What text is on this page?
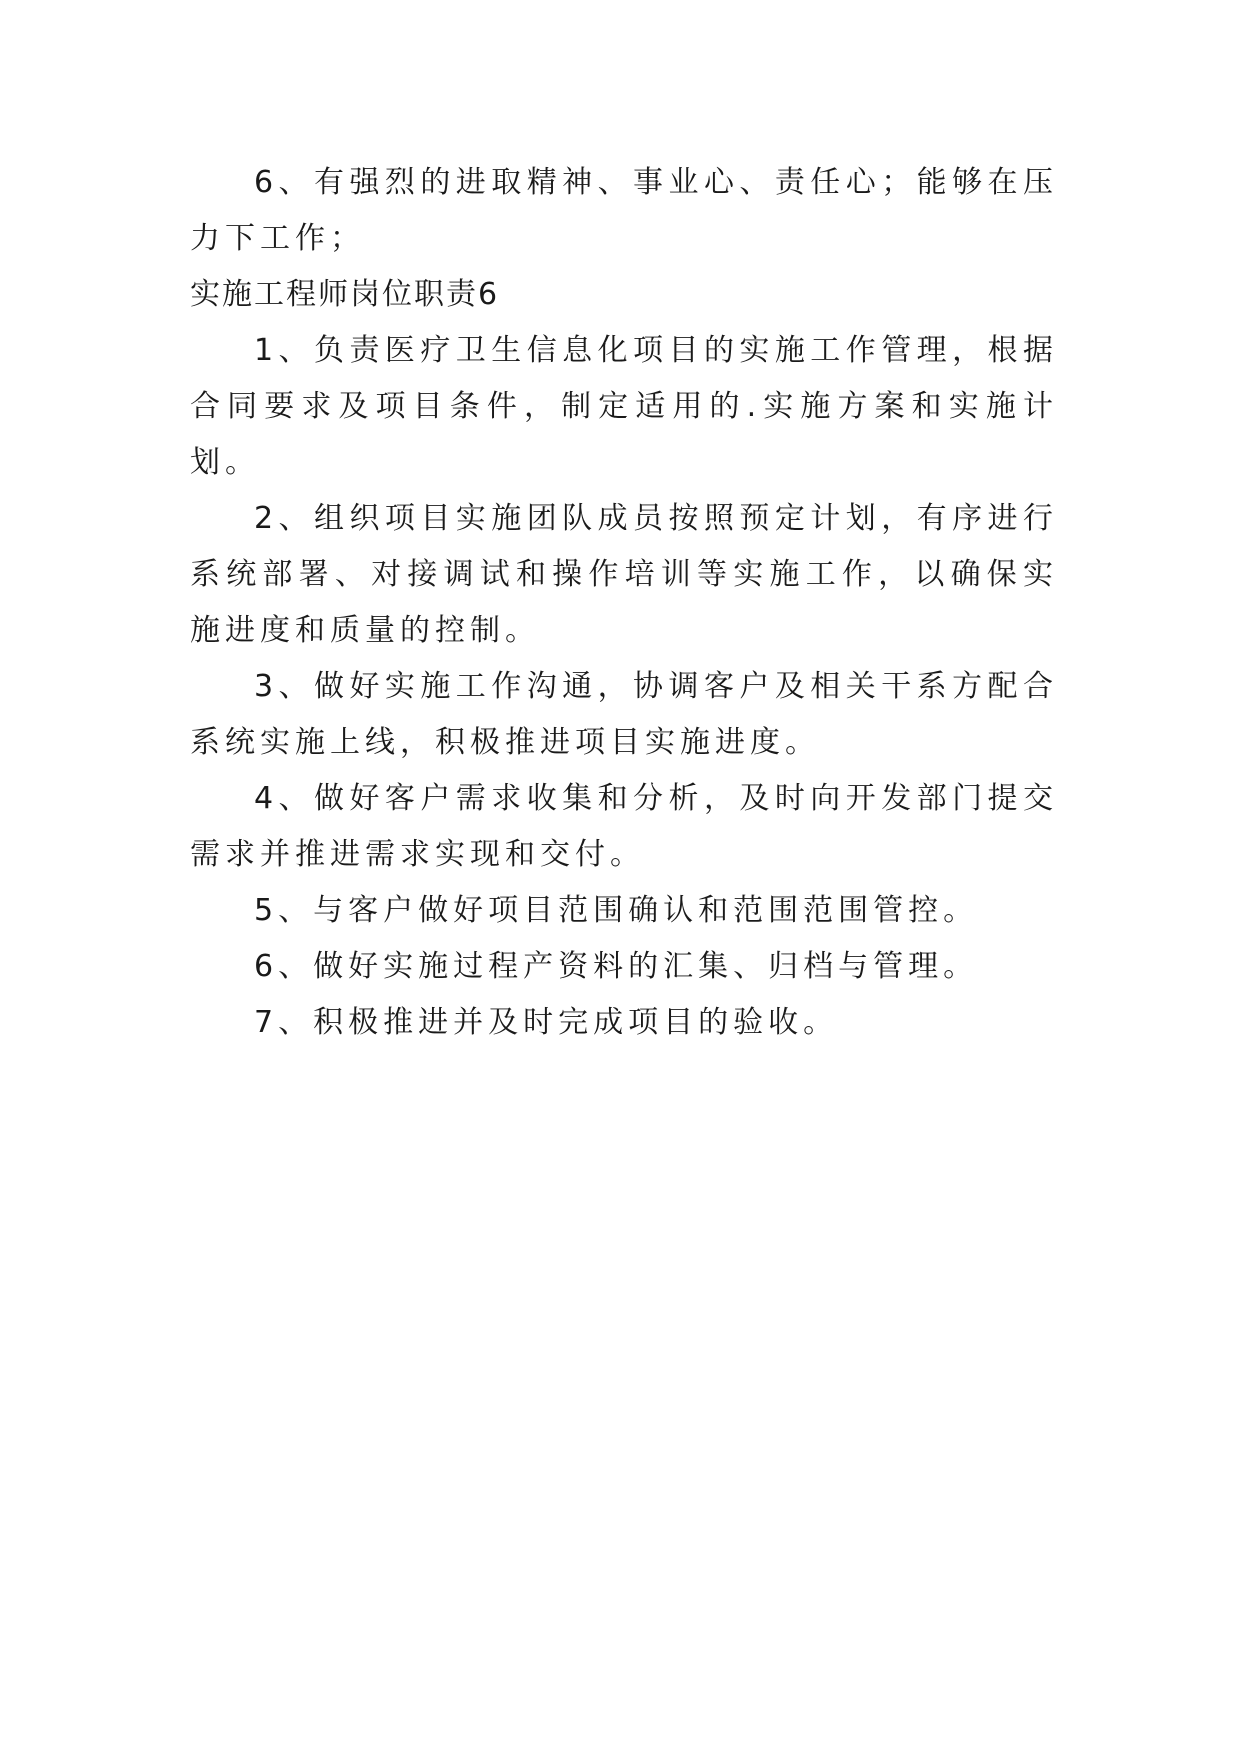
6、有强烈的进取精神、事业心、责任心；能够在压力下工作；

实施工程师岗位职责6

1、负责医疗卫生信息化项目的实施工作管理，根据合同要求及项目条件，制定适用的.实施方案和实施计划。

2、组织项目实施团队成员按照预定计划，有序进行系统部署、对接调试和操作培训等实施工作，以确保实施进度和质量的控制。

3、做好实施工作沟通，协调客户及相关干系方配合系统实施上线，积极推进项目实施进度。

4、做好客户需求收集和分析，及时向开发部门提交需求并推进需求实现和交付。

5、与客户做好项目范围确认和范围范围管控。

6、做好实施过程产资料的汇集、归档与管理。

7、积极推进并及时完成项目的验收。
